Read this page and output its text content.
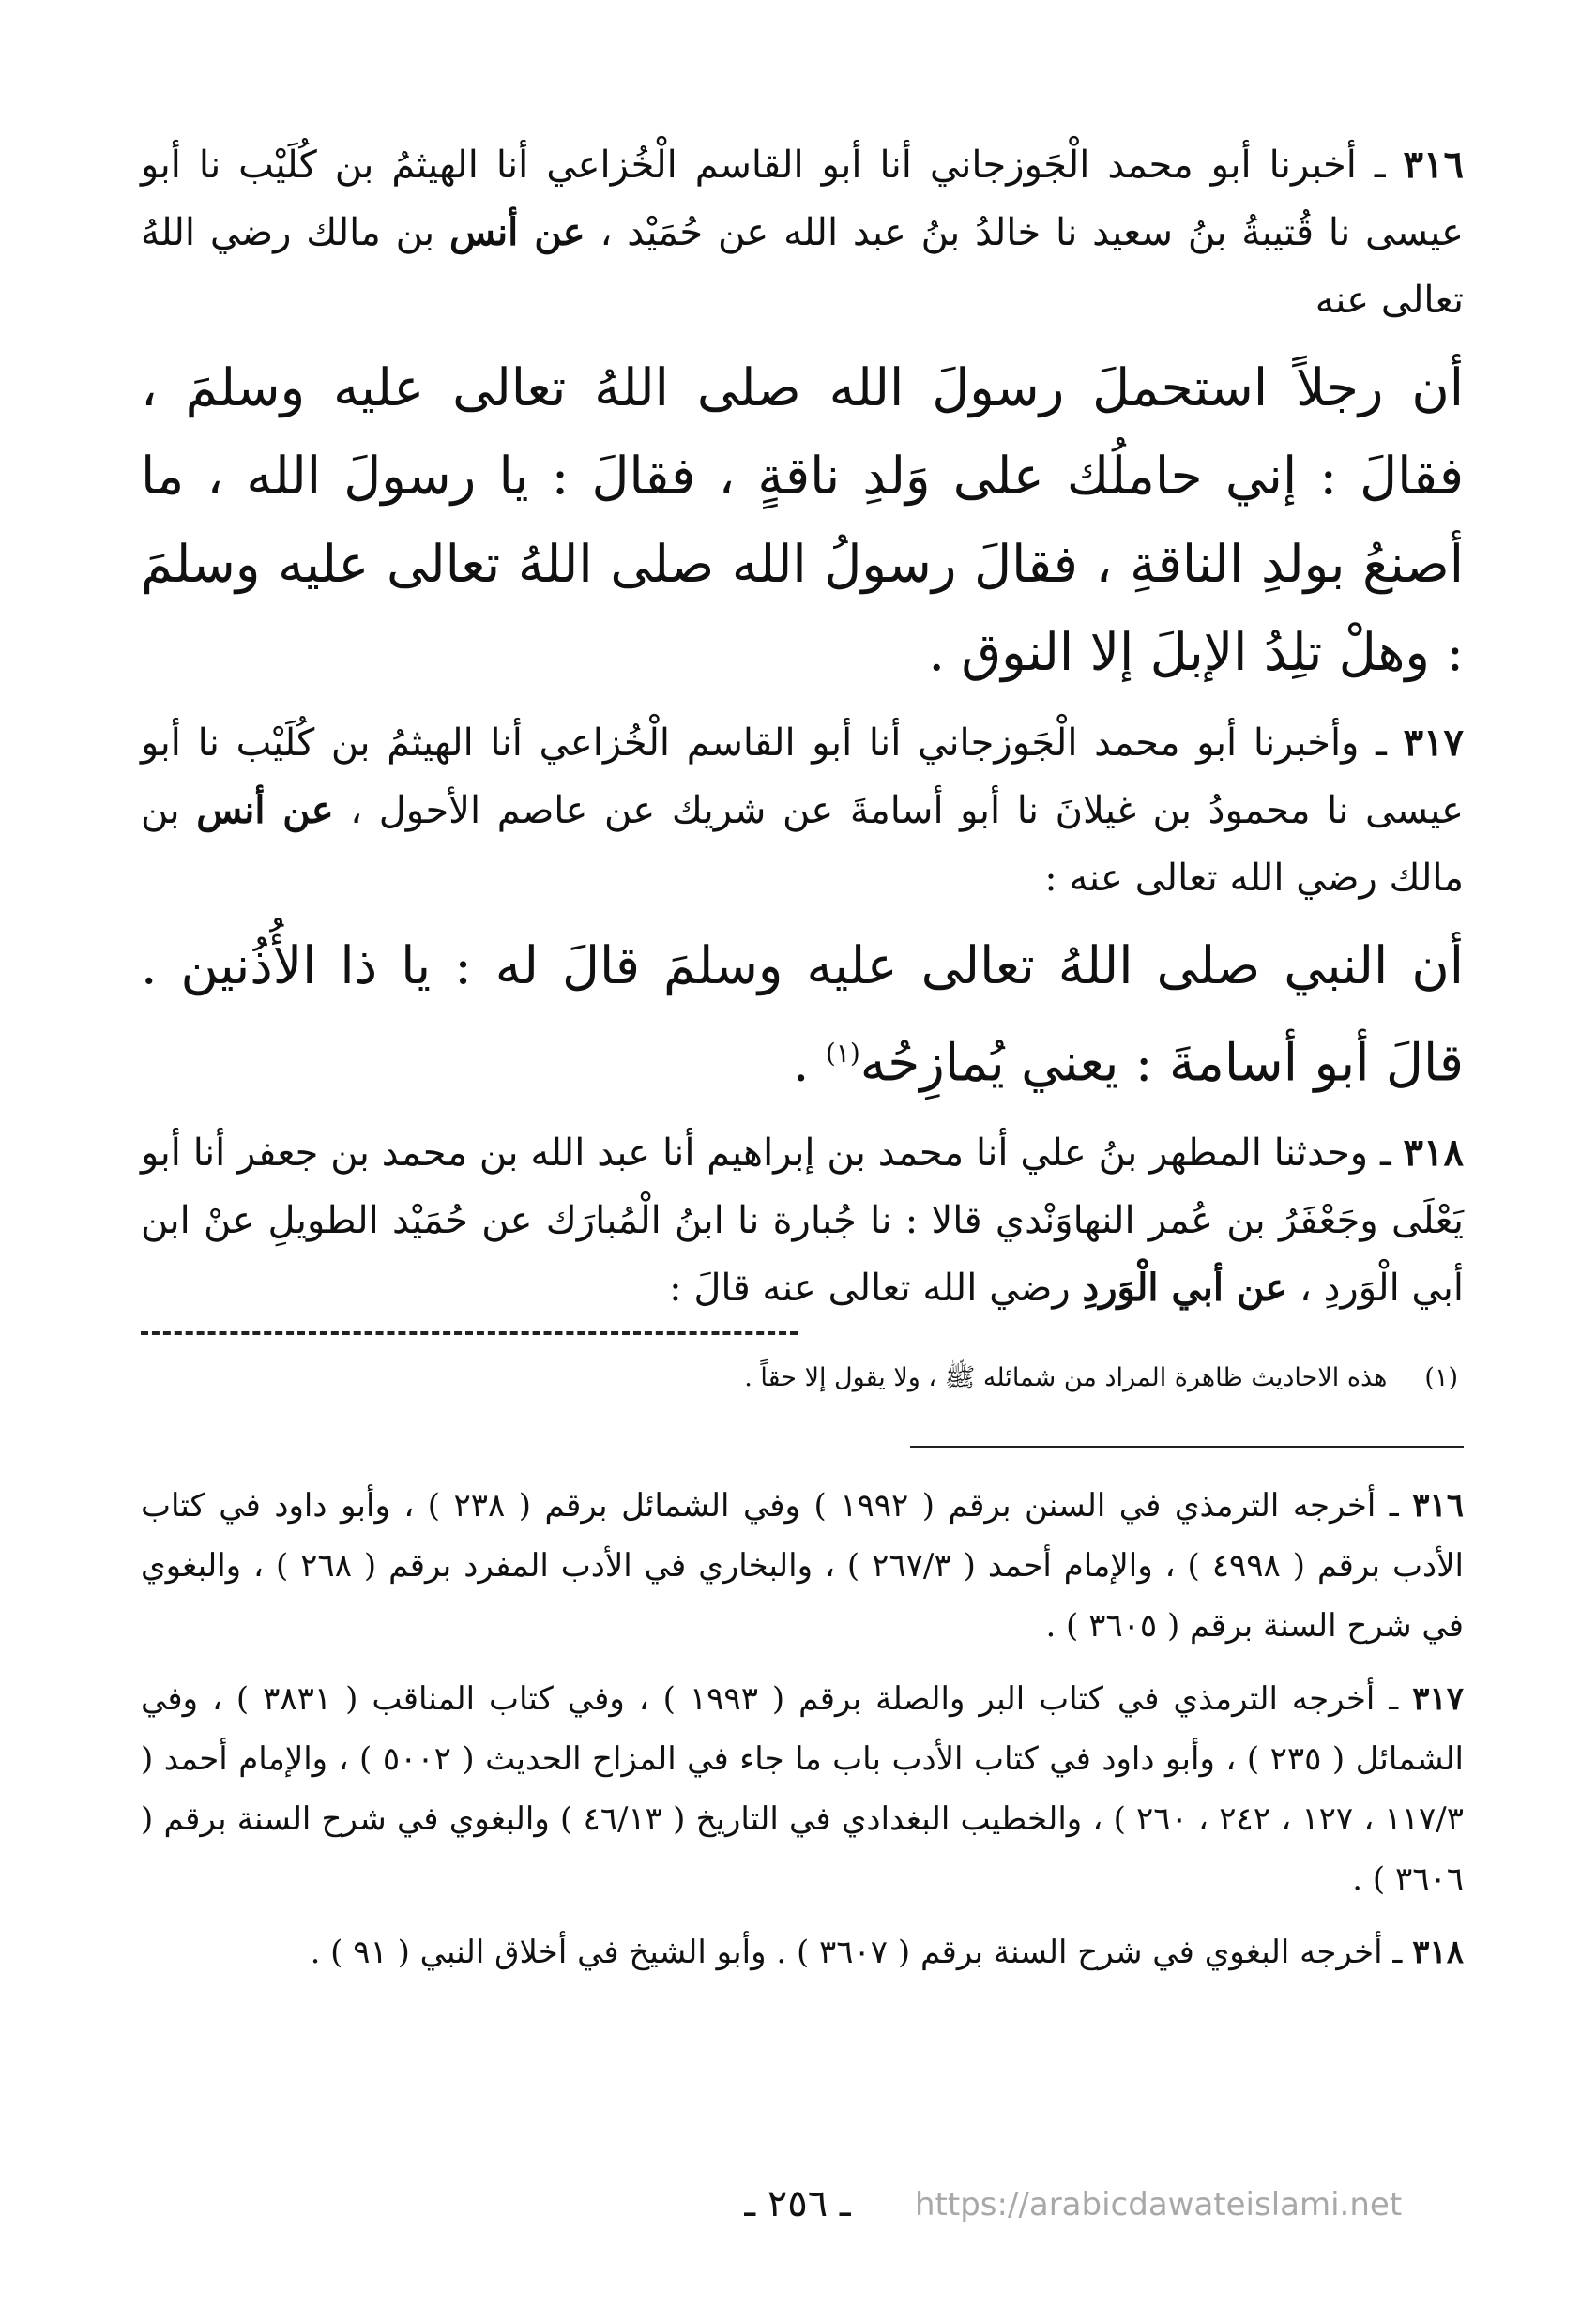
٣١٦ ـ أخبرنا أبو محمد الْجَوزجاني أنا أبو القاسم الْخُزاعي أنا الهيثمُ بن كُلَيْب نا أبو عيسى نا قُتيبةُ بنُ سعيد نا خالدُ بنُ عبد الله عن حُمَيْد ، عن أنس بن مالك رضي اللهُ تعالى عنه

أن رجلاً استحملَ رسولَ الله صلى اللهُ تعالى عليه وسلمَ ، فقالَ : إني حاملُك على وَلدِ ناقةٍ ، فقالَ : يا رسولَ الله ، ما أصنعُ بولدِ الناقةِ ، فقالَ رسولُ الله صلى اللهُ تعالى عليه وسلمَ : وهلْ تلِدُ الإبلَ إلا النوق .

٣١٧ ـ وأخبرنا أبو محمد الْجَوزجاني أنا أبو القاسم الْخُزاعي أنا الهيثمُ بن كُلَيْب نا أبو عيسى نا محمودُ بن غيلانَ نا أبو أسامةَ عن شريك عن عاصم الأحول ، عن أنس بن مالك رضي الله تعالى عنه :

أن النبي صلى اللهُ تعالى عليه وسلمَ قالَ له : يا ذا الأُذُنين . قالَ أبو أسامةَ : يعني يُمازِحُه$^{(١)}$ .

٣١٨ ـ وحدثنا المطهر بنُ علي أنا محمد بن إبراهيم أنا عبد الله بن محمد بن جعفر أنا أبو يَعْلَى وجَعْفَرُ بن عُمر النهاوَنْدي قالا : نا جُبارة نا ابنُ الْمُبارَك عن حُمَيْد الطويلِ عنْ ابن أبي الْوَردِ ، عن أبي الْوَردِ رضي الله تعالى عنه قالَ :

(١)
هذه الاحاديث ظاهرة المراد من شمائله ﷺ ، ولا يقول إلا حقاً .

٣١٦ ـ أخرجه الترمذي في السنن برقم ( ١٩٩٢ ) وفي الشمائل برقم ( ٢٣٨ ) ، وأبو داود في كتاب الأدب برقم ( ٤٩٩٨ ) ، والإمام أحمد ( ٢٦٧/٣ ) ، والبخاري في الأدب المفرد برقم ( ٢٦٨ ) ، والبغوي في شرح السنة برقم ( ٣٦٠٥ ) .

٣١٧ ـ أخرجه الترمذي في كتاب البر والصلة برقم ( ١٩٩٣ ) ، وفي كتاب المناقب ( ٣٨٣١ ) ، وفي الشمائل ( ٢٣٥ ) ، وأبو داود في كتاب الأدب باب ما جاء في المزاح الحديث ( ٥٠٠٢ ) ، والإمام أحمد ( ١١٧/٣ ، ١٢٧ ، ٢٤٢ ، ٢٦٠ ) ، والخطيب البغدادي في التاريخ ( ٤٦/١٣ ) والبغوي في شرح السنة برقم ( ٣٦٠٦ ) .

٣١٨ ـ أخرجه البغوي في شرح السنة برقم ( ٣٦٠٧ ) . وأبو الشيخ في أخلاق النبي ( ٩١ ) .

ـ ٢٥٦ ـ	https://arabicdawateislami.net
